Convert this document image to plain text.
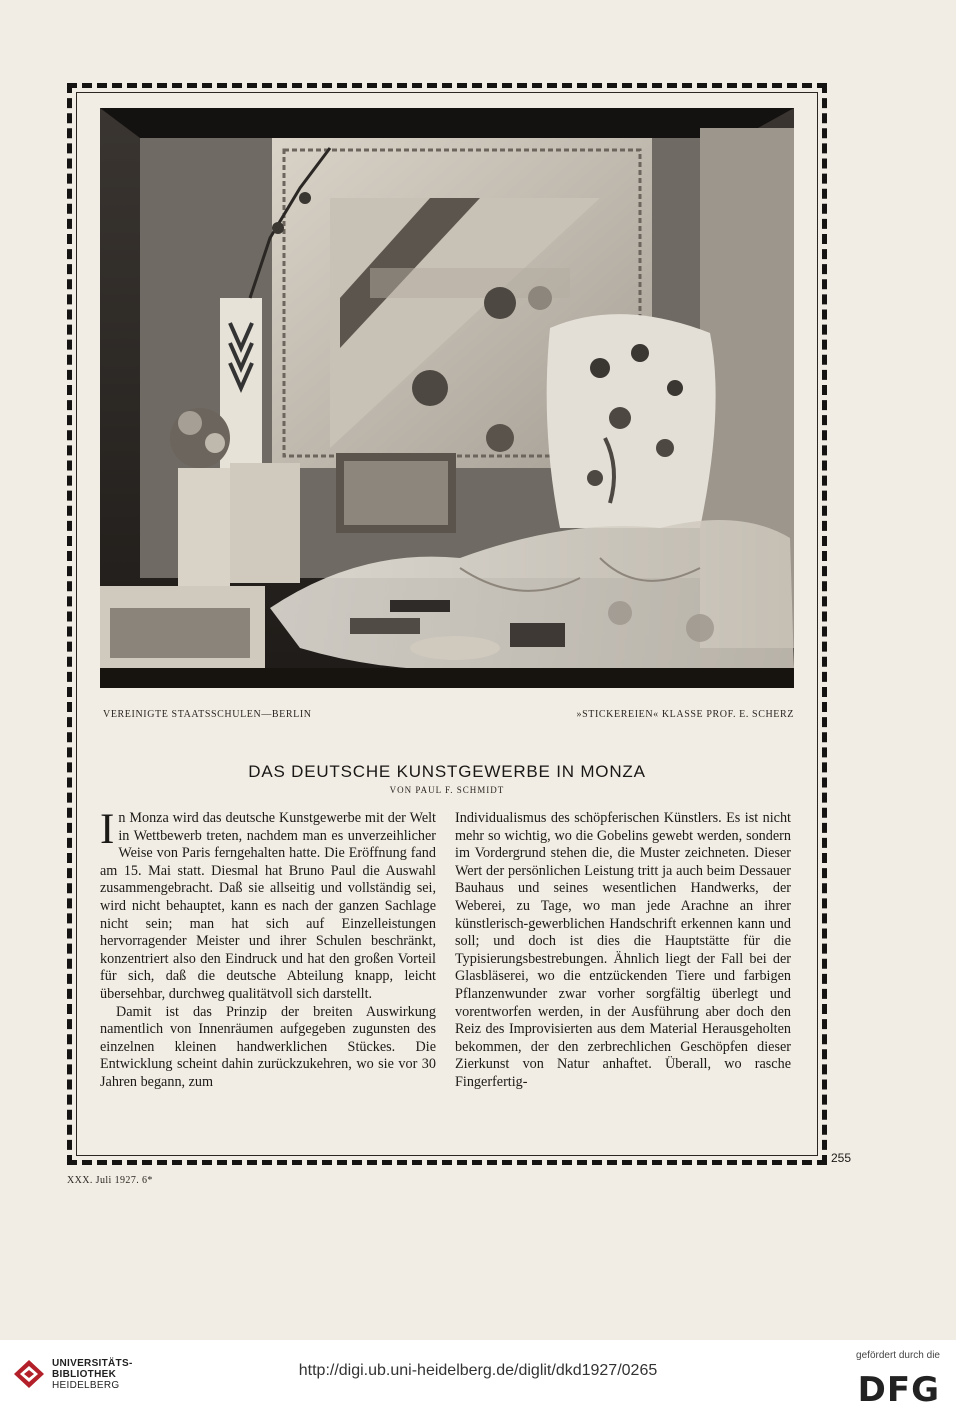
VEREINIGTE STAATSSCHULEN—BERLIN	»STICKEREIEN« KLASSE PROF. E. SCHERZ
DAS DEUTSCHE KUNSTGEWERBE IN MONZA
VON PAUL F. SCHMIDT

In Monza wird das deutsche Kunstgewerbe mit der Welt in Wettbewerb treten, nachdem man es unverzeihlicher Weise von Paris ferngehalten hatte. Die Eröffnung fand am 15. Mai statt. Diesmal hat Bruno Paul die Auswahl zusammengebracht. Daß sie allseitig und vollständig sei, wird nicht behauptet, kann es nach der ganzen Sachlage nicht sein; man hat sich auf Einzelleistungen hervorragender Meister und ihrer Schulen beschränkt, konzentriert also den Eindruck und hat den großen Vorteil für sich, daß die deutsche Abteilung knapp, leicht übersehbar, durchweg qualitätvoll sich darstellt.

Damit ist das Prinzip der breiten Auswirkung namentlich von Innenräumen aufgegeben zugunsten des einzelnen kleinen handwerklichen Stückes. Die Entwicklung scheint dahin zurückzukehren, wo sie vor 30 Jahren begann, zum

Individualismus des schöpferischen Künstlers. Es ist nicht mehr so wichtig, wo die Gobelins gewebt werden, sondern im Vordergrund stehen die, die Muster zeichneten. Dieser Wert der persönlichen Leistung tritt ja auch beim Dessauer Bauhaus und seines wesentlichen Handwerks, der Weberei, zu Tage, wo man jede Arachne an ihrer künstlerisch-gewerblichen Handschrift erkennen kann und soll; und doch ist dies die Hauptstätte für die Typisierungsbestrebungen. Ähnlich liegt der Fall bei der Glasbläserei, wo die entzückenden Tiere und farbigen Pflanzenwunder zwar vorher sorgfältig überlegt und vorentworfen werden, in der Ausführung aber doch den Reiz des Improvisierten aus dem Material Herausgeholten bekommen, der den zerbrechlichen Geschöpfen dieser Zierkunst von Natur anhaftet. Überall, wo rasche Fingerfertig-

255
XXX. Juli 1927. 6*
UNIVERSITÄTS-
BIBLIOTHEK
HEIDELBERG
http://digi.ub.uni-heidelberg.de/diglit/dkd1927/0265
gefördert durch die
DFG
